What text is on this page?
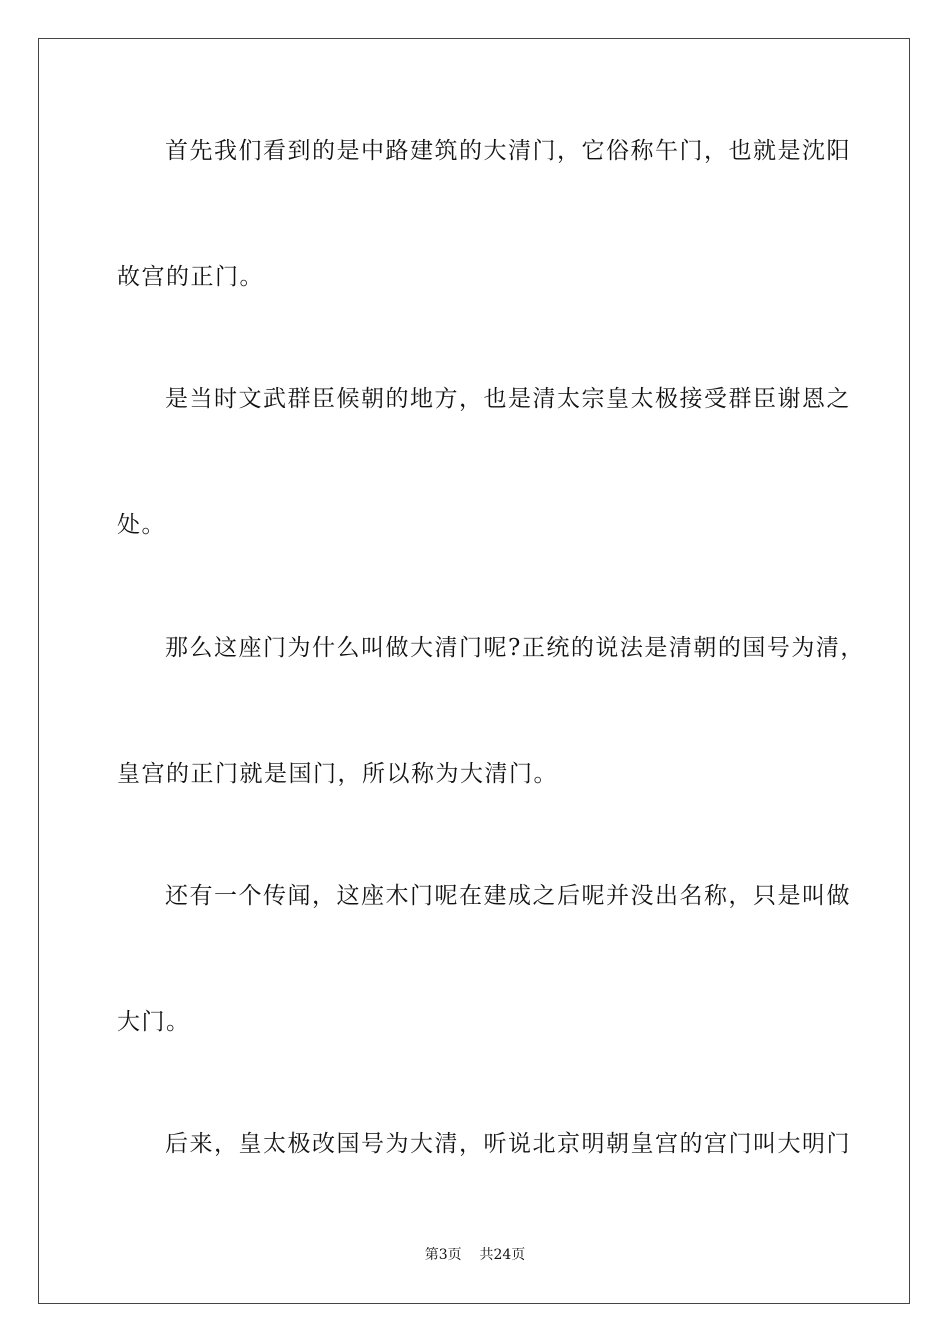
首先我们看到的是中路建筑的大清门，它俗称午门，也就是沈阳
故宫的正门。
是当时文武群臣候朝的地方，也是清太宗皇太极接受群臣谢恩之
处。
那么这座门为什么叫做大清门呢?正统的说法是清朝的国号为清，
皇宫的正门就是国门，所以称为大清门。
还有一个传闻，这座木门呢在建成之后呢并没出名称，只是叫做
大门。
后来，皇太极改国号为大清，听说北京明朝皇宫的宫门叫大明门
第3页    共24页
